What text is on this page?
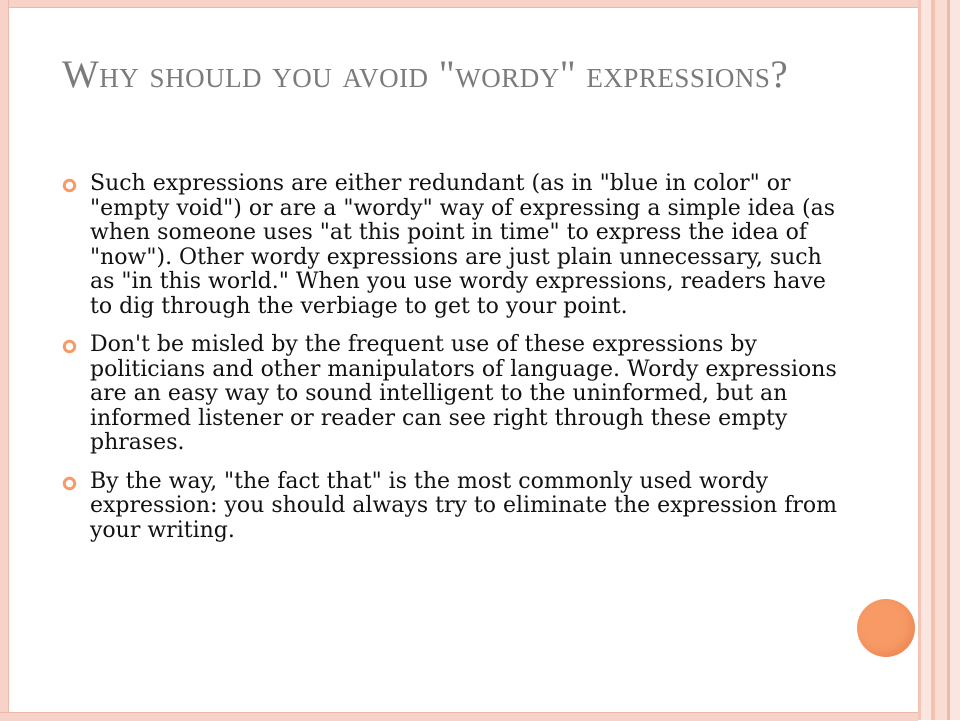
Why should you avoid "wordy" expressions?
Such expressions are either redundant (as in "blue in color" or "empty void") or are a "wordy" way of expressing a simple idea (as when someone uses "at this point in time" to express the idea of "now"). Other wordy expressions are just plain unnecessary, such as "in this world." When you use wordy expressions, readers have to dig through the verbiage to get to your point.
Don't be misled by the frequent use of these expressions by politicians and other manipulators of language. Wordy expressions are an easy way to sound intelligent to the uninformed, but an informed listener or reader can see right through these empty phrases.
By the way, "the fact that" is the most commonly used wordy expression: you should always try to eliminate the expression from your writing.
